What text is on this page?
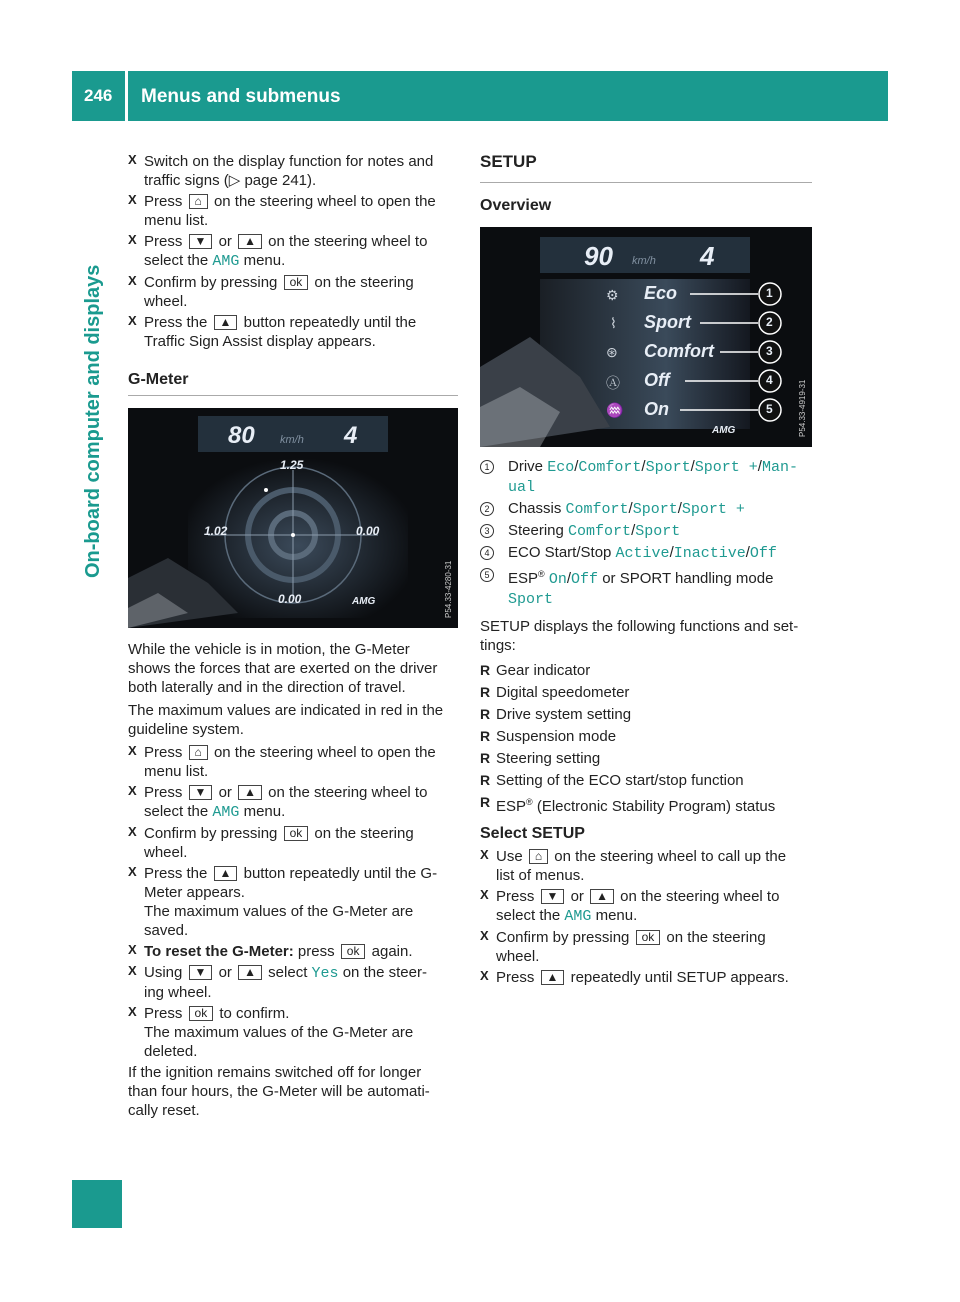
246 Menus and submenus
On-board computer and displays
X Switch on the display function for notes and
traffic signs (▷ page 241).
X Press ⌂ on the steering wheel to open the
menu list.
X Press ▼ or ▲ on the steering wheel to
select the AMG menu.
X Confirm by pressing ok on the steering
wheel.
X Press the ▲ button repeatedly until the
Traffic Sign Assist display appears.

G-Meter

80 km/h 4
1.25
1.02	0.00
0.00	AMG	P54.33-4280-31

While the vehicle is in motion, the G-Meter

shows the forces that are exerted on the driver

both laterally and in the direction of travel.

The maximum values are indicated in red in the

guideline system.

X Press ⌂ on the steering wheel to open the
menu list.
X Press ▼ or ▲ on the steering wheel to
select the AMG menu.
X Confirm by pressing ok on the steering
wheel.
X Press the ▲ button repeatedly until the G-
Meter appears.
The maximum values of the G-Meter are
saved.
X To reset the G-Meter: press ok again.
X Using ▼ or ▲ select Yes on the steer-
ing wheel.
X Press ok to confirm.
The maximum values of the G-Meter are
deleted.

If the ignition remains switched off for longer

than four hours, the G-Meter will be automati-

cally reset.

SETUP

Overview

90 km/h 4
Eco
Sport
Comfort
Off
On
⚙
⌇
⊛
Ⓐ
♒
1
2
3
4
5
AMG	P54.33-4919-31
1	Drive Eco/Comfort/Sport/Sport +/Man-
ual
2	Chassis Comfort/Sport/Sport +
3	Steering Comfort/Sport
4	ECO Start/Stop Active/Inactive/Off
5	ESP® On/Off or SPORT handling mode
Sport

SETUP displays the following functions and set-

tings:

R Gear indicator
R Digital speedometer
R Drive system setting
R Suspension mode
R Steering setting
R Setting of the ECO start/stop function
R ESP® (Electronic Stability Program) status

Select SETUP

X Use ⌂ on the steering wheel to call up the
list of menus.
X Press ▼ or ▲ on the steering wheel to
select the AMG menu.
X Confirm by pressing ok on the steering
wheel.
X Press ▲ repeatedly until SETUP appears.
